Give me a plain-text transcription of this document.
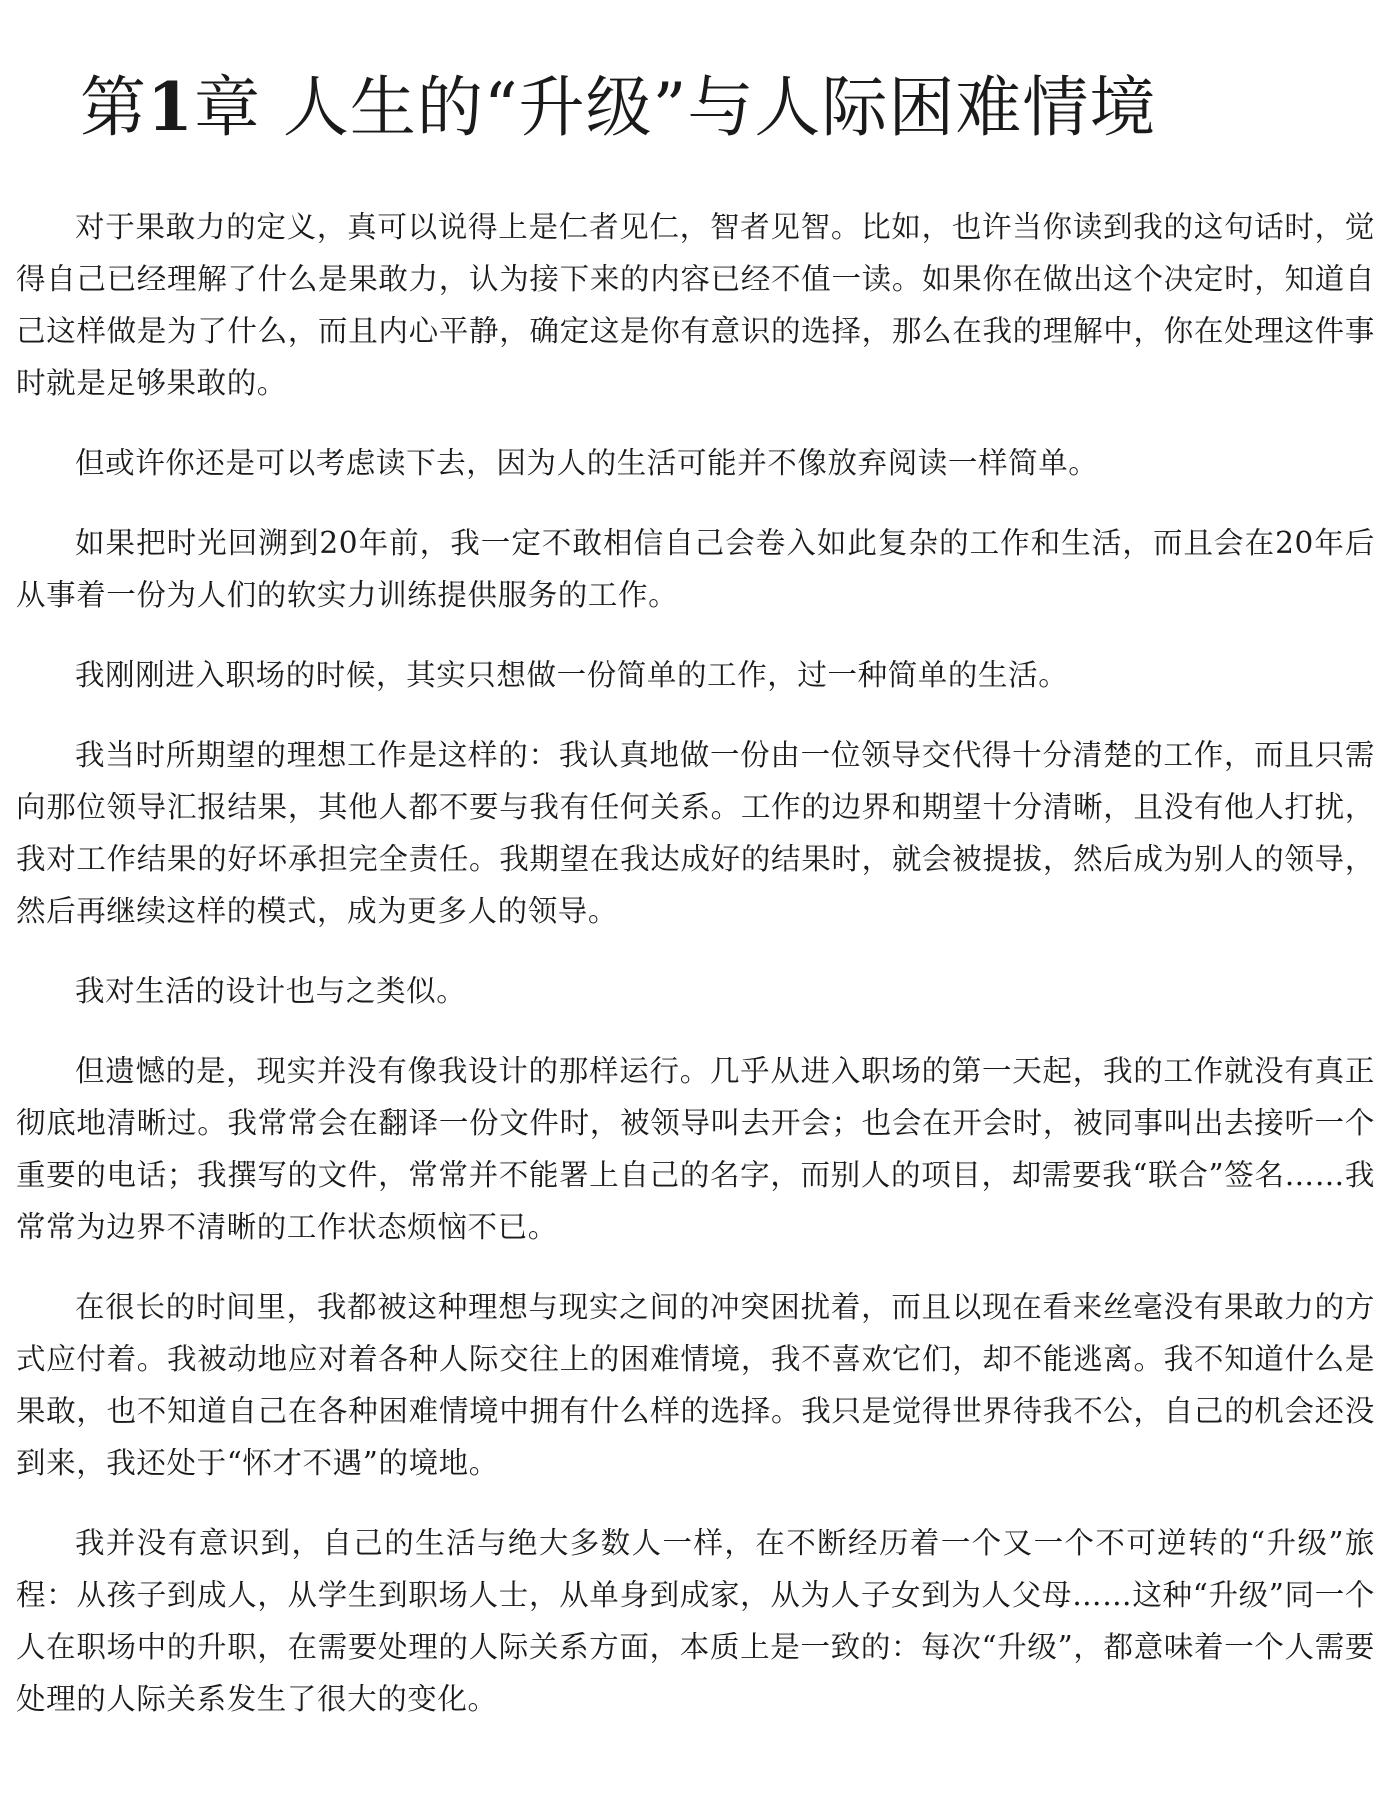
第1章 人生的“升级”与人际困难情境

对于果敢力的定义，真可以说得上是仁者见仁，智者见智。比如，也许当你读到我的这句话时，觉得自己已经理解了什么是果敢力，认为接下来的内容已经不值一读。如果你在做出这个决定时，知道自己这样做是为了什么，而且内心平静，确定这是你有意识的选择，那么在我的理解中，你在处理这件事时就是足够果敢的。

但或许你还是可以考虑读下去，因为人的生活可能并不像放弃阅读一样简单。

如果把时光回溯到20年前，我一定不敢相信自己会卷入如此复杂的工作和生活，而且会在20年后从事着一份为人们的软实力训练提供服务的工作。

我刚刚进入职场的时候，其实只想做一份简单的工作，过一种简单的生活。

我当时所期望的理想工作是这样的：我认真地做一份由一位领导交代得十分清楚的工作，而且只需向那位领导汇报结果，其他人都不要与我有任何关系。工作的边界和期望十分清晰，且没有他人打扰，我对工作结果的好坏承担完全责任。我期望在我达成好的结果时，就会被提拔，然后成为别人的领导，然后再继续这样的模式，成为更多人的领导。

我对生活的设计也与之类似。

但遗憾的是，现实并没有像我设计的那样运行。几乎从进入职场的第一天起，我的工作就没有真正彻底地清晰过。我常常会在翻译一份文件时，被领导叫去开会；也会在开会时，被同事叫出去接听一个重要的电话；我撰写的文件，常常并不能署上自己的名字，而别人的项目，却需要我“联合”签名……我常常为边界不清晰的工作状态烦恼不已。

在很长的时间里，我都被这种理想与现实之间的冲突困扰着，而且以现在看来丝毫没有果敢力的方式应付着。我被动地应对着各种人际交往上的困难情境，我不喜欢它们，却不能逃离。我不知道什么是果敢，也不知道自己在各种困难情境中拥有什么样的选择。我只是觉得世界待我不公，自己的机会还没到来，我还处于“怀才不遇”的境地。

我并没有意识到，自己的生活与绝大多数人一样，在不断经历着一个又一个不可逆转的“升级”旅程：从孩子到成人，从学生到职场人士，从单身到成家，从为人子女到为人父母……这种“升级”同一个人在职场中的升职，在需要处理的人际关系方面，本质上是一致的：每次“升级”，都意味着一个人需要处理的人际关系发生了很大的变化。
